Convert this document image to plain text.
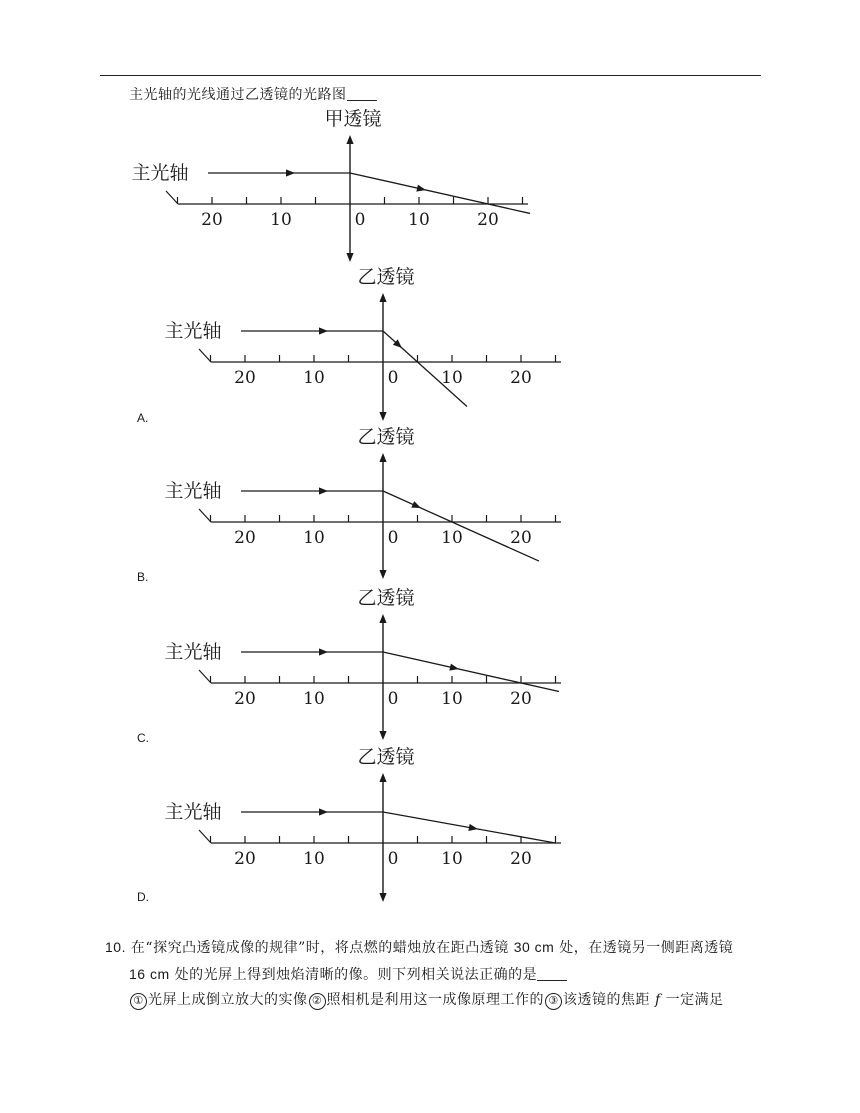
主光轴的光线通过乙透镜的光路图
20	10	0	10	20
甲透镜
主光轴
20	10	0	10	20
乙透镜
主光轴
20	10	0	10	20
乙透镜
主光轴
20	10	0	10	20
乙透镜
主光轴
20	10	0	10	20
乙透镜
主光轴
A.
B.
C.
D.
10. 在“探究凸透镜成像的规律”时，将点燃的蜡烛放在距凸透镜 30 cm 处，在透镜另一侧距离透镜
16 cm 处的光屏上得到烛焰清晰的像。则下列相关说法正确的是
① 光屏上成倒立放大的实像 ② 照相机是利用这一成像原理工作的 ③ 该透镜的焦距 f 一定满足
